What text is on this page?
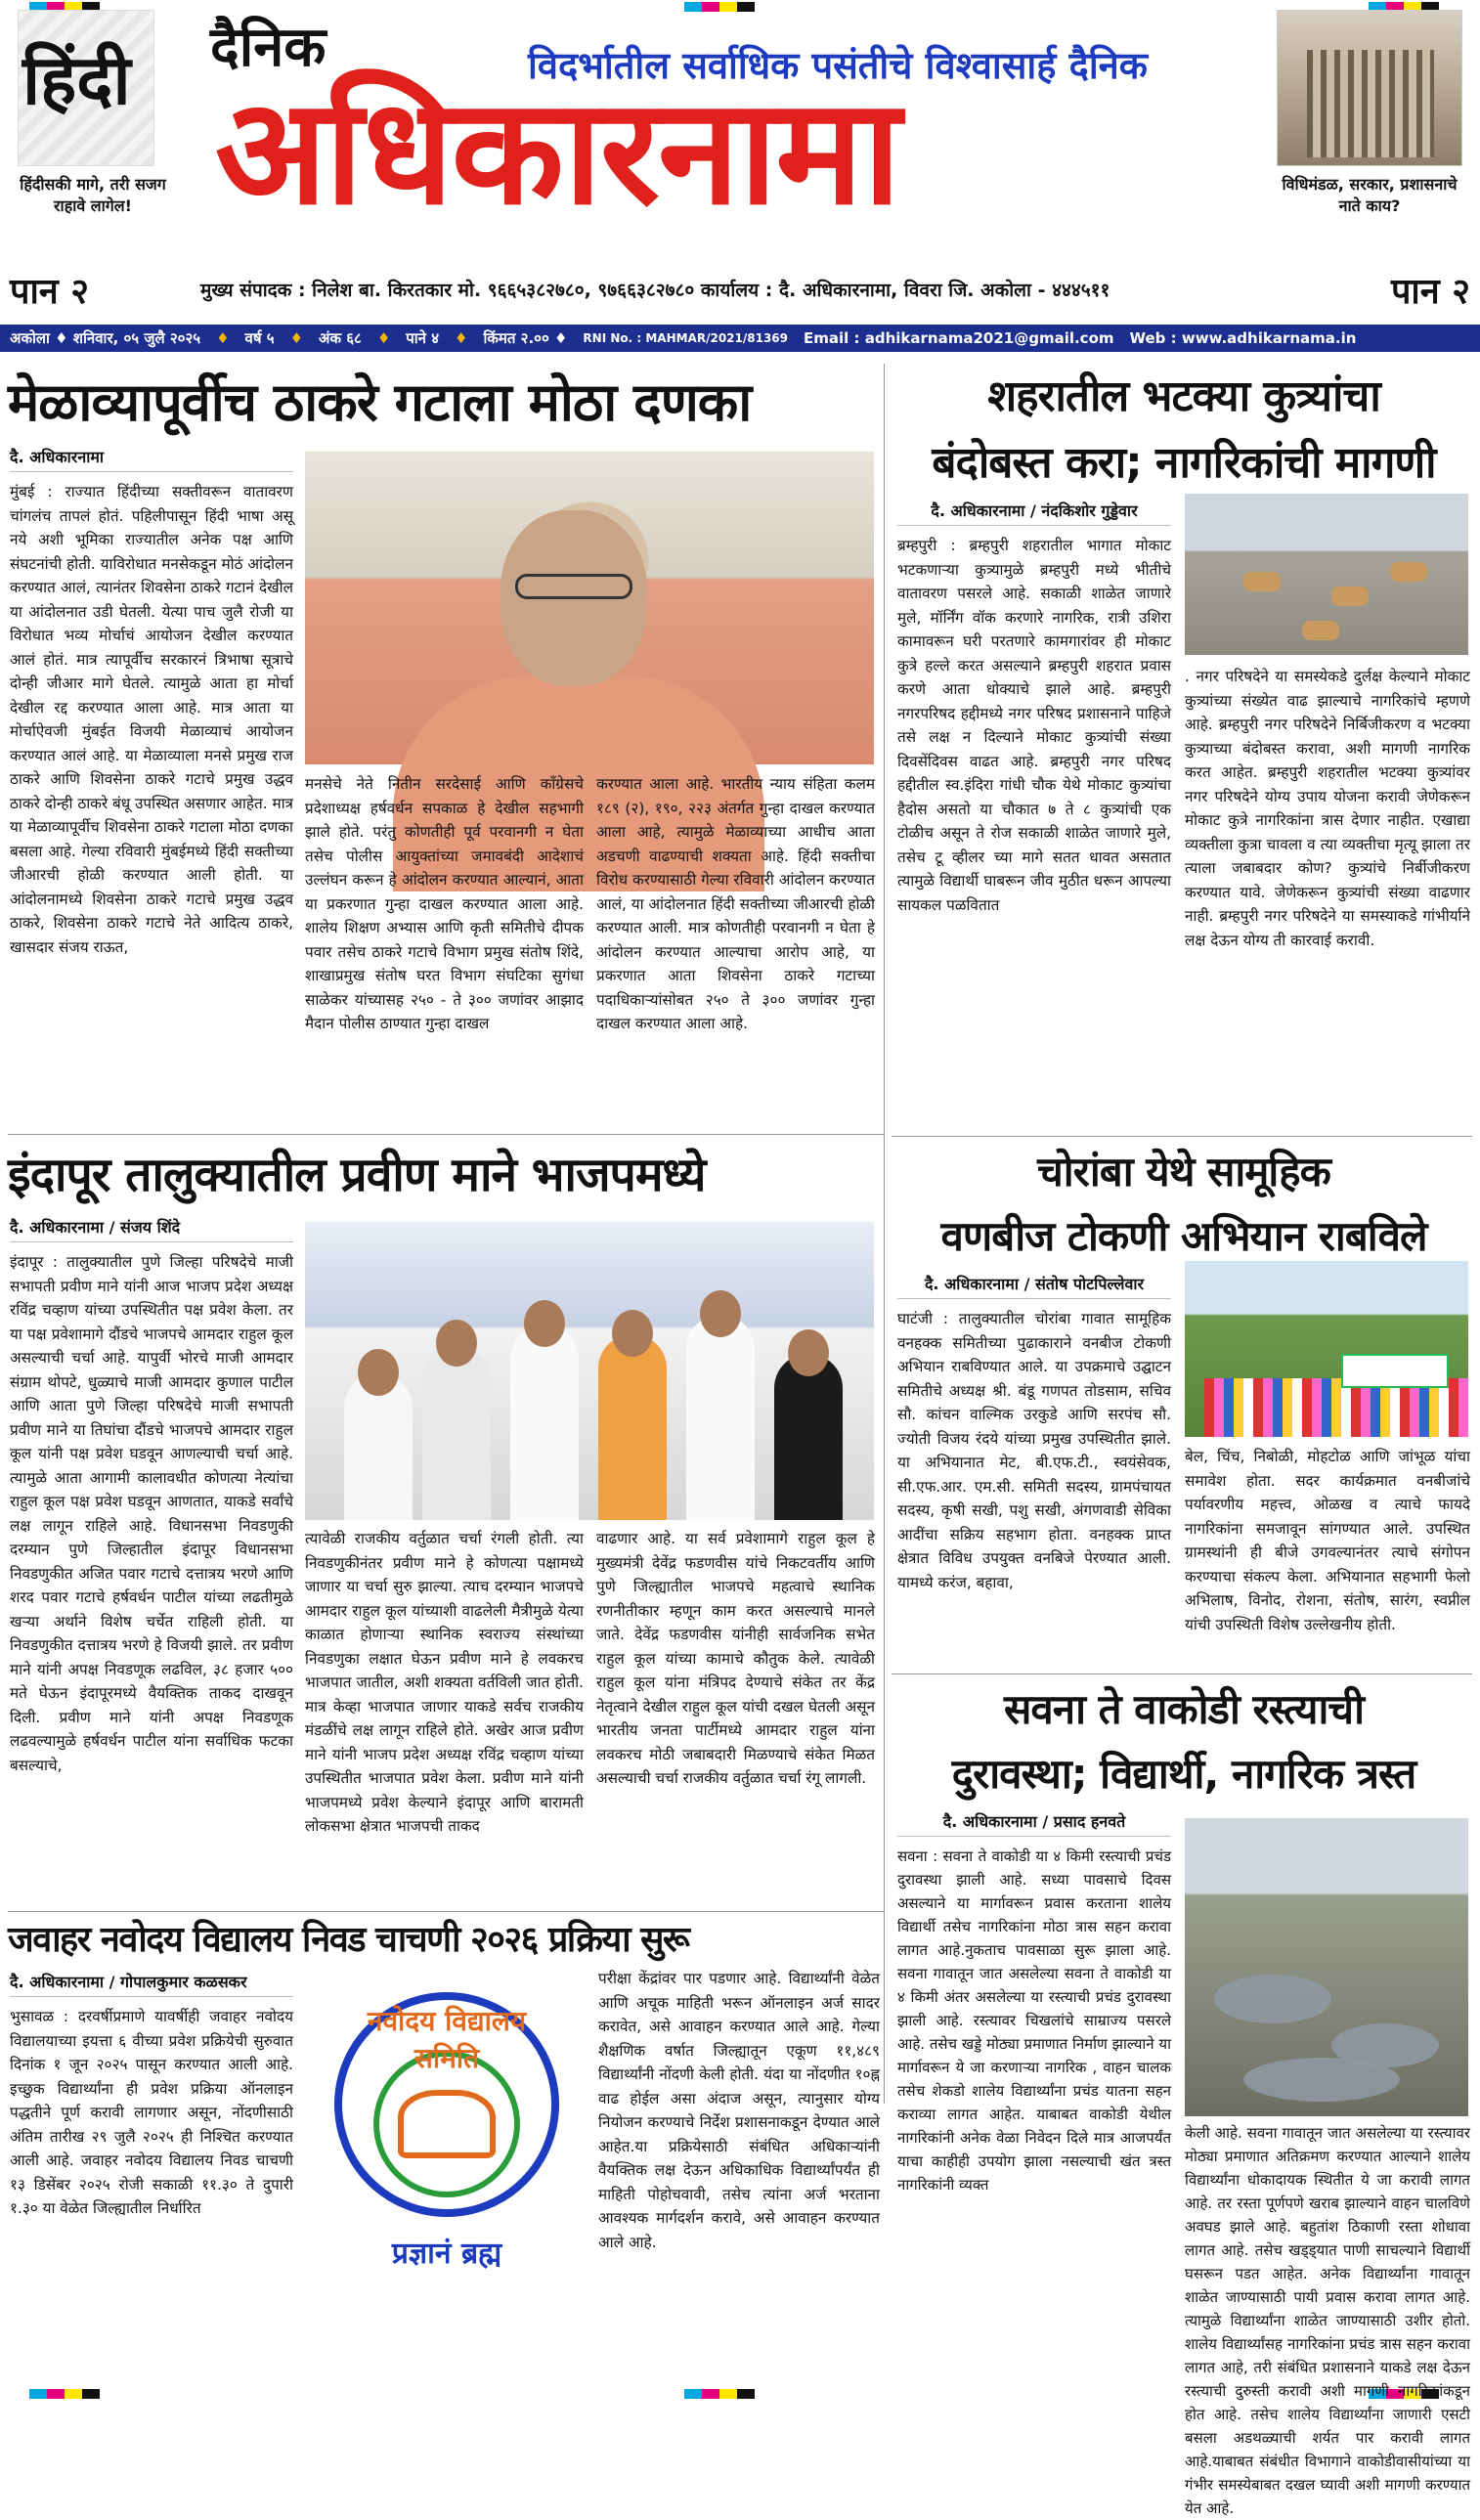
हिंदी
हिंदीसकी मागे, तरी सजग राहावे लागेल!
दैनिक	विदर्भातील सर्वाधिक पसंतीचे विश्वासार्ह दैनिक
अधिकारनामा	विधिमंडळ, सरकार, प्रशासनाचे नाते काय?
पान २	मुख्य संपादक : निलेश बा. किरतकार मो. ९६६५३८२७८०, ९७६६३८२७८० कार्यालय : दै. अधिकारनामा, विवरा जि. अकोला - ४४४५११	पान २
अकोला ♦ शनिवार, ०५ जुलै २०२५ ♦ वर्ष ५ ♦ अंक ६८ ♦ पाने ४ ♦ किंमत २.०० ♦ RNI No. : MAHMAR/2021/81369 Email : adhikarnama2021@gmail.com Web : www.adhikarnama.in
मेळाव्यापूर्वीच ठाकरे गटाला मोठा दणका
दै. अधिकारनामा
मुंबई : राज्यात हिंदीच्या सक्तीवरून वातावरण चांगलंच तापलं होतं. पहिलीपासून हिंदी भाषा असू नये अशी भूमिका राज्यातील अनेक पक्ष आणि संघटनांची होती. याविरोधात मनसेकडून मोठं आंदोलन करण्यात आलं, त्यानंतर शिवसेना ठाकरे गटानं देखील या आंदोलनात उडी घेतली. येत्या पाच जुलै रोजी या विरोधात भव्य मोर्चाचं आयोजन देखील करण्यात आलं होतं. मात्र त्यापूर्वीच सरकारनं त्रिभाषा सूत्राचे दोन्ही जीआर मागे घेतले. त्यामुळे आता हा मोर्चा देखील रद्द करण्यात आला आहे. मात्र आता या मोर्चाऐवजी मुंबईत विजयी मेळाव्याचं आयोजन करण्यात आलं आहे. या मेळाव्याला मनसे प्रमुख राज ठाकरे आणि शिवसेना ठाकरे गटाचे प्रमुख उद्धव ठाकरे दोन्ही ठाकरे बंधू उपस्थित असणार आहेत. मात्र या मेळाव्यापूर्वीच शिवसेना ठाकरे गटाला मोठा दणका बसला आहे. गेल्या रविवारी मुंबईमध्ये हिंदी सक्तीच्या जीआरची होळी करण्यात आली होती. या आंदोलनामध्ये शिवसेना ठाकरे गटाचे प्रमुख उद्धव ठाकरे, शिवसेना ठाकरे गटाचे नेते आदित्य ठाकरे, खासदार संजय राऊत,
मनसेचे नेते नितीन सरदेसाई आणि काँग्रेसचे प्रदेशाध्यक्ष हर्षवर्धन सपकाळ हे देखील सहभागी झाले होते. परंतु कोणतीही पूर्व परवानगी न घेता तसेच पोलीस आयुक्तांच्या जमावबंदी आदेशाचं उल्लंघन करून हे आंदोलन करण्यात आल्यानं, आता या प्रकरणात गुन्हा दाखल करण्यात आला आहे. शालेय शिक्षण अभ्यास आणि कृती समितीचे दीपक पवार तसेच ठाकरे गटाचे विभाग प्रमुख संतोष शिंदे, शाखाप्रमुख संतोष घरत विभाग संघटिका सुगंधा साळेकर यांच्यासह २५० - ते ३०० जणांवर आझाद मैदान पोलीस ठाण्यात गुन्हा दाखल
करण्यात आला आहे. भारतीय न्याय संहिता कलम १८९ (२), १९०, २२३ अंतर्गत गुन्हा दाखल करण्यात आला आहे, त्यामुळे मेळाव्याच्या आधीच आता अडचणी वाढण्याची शक्यता आहे. हिंदी सक्तीचा विरोध करण्यासाठी गेल्या रविवारी आंदोलन करण्यात आलं, या आंदोलनात हिंदी सक्तीच्या जीआरची होळी करण्यात आली. मात्र कोणतीही परवानगी न घेता हे आंदोलन करण्यात आल्याचा आरोप आहे, या प्रकरणात आता शिवसेना ठाकरे गटाच्या पदाधिकाऱ्यांसोबत २५० ते ३०० जणांवर गुन्हा दाखल करण्यात आला आहे.
शहरातील भटक्या कुत्र्यांचा
बंदोबस्त करा; नागरिकांची मागणी
दै. अधिकारनामा / नंदकिशोर गुड्डेवार
ब्रम्हपुरी : ब्रम्हपुरी शहरातील भागात मोकाट भटकणाऱ्या कुत्र्यामुळे ब्रम्हपुरी मध्ये भीतीचे वातावरण पसरले आहे. सकाळी शाळेत जाणारे मुले, मॉर्निंग वॉक करणारे नागरिक, रात्री उशिरा कामावरून घरी परतणारे कामगारांवर ही मोकाट कुत्रे हल्ले करत असल्याने ब्रम्हपुरी शहरात प्रवास करणे आता धोक्याचे झाले आहे. ब्रम्हपुरी नगरपरिषद हद्दीमध्ये नगर परिषद प्रशासनाने पाहिजे तसे लक्ष न दिल्याने मोकाट कुत्र्यांची संख्या दिवसेंदिवस वाढत आहे. ब्रम्हपुरी नगर परिषद हद्दीतील स्व.इंदिरा गांधी चौक येथे मोकाट कुत्र्यांचा हैदोस असतो या चौकात ७ ते ८ कुत्र्यांची एक टोळीच असून ते रोज सकाळी शाळेत जाणारे मुले, तसेच टू व्हीलर च्या मागे सतत धावत असतात त्यामुळे विद्यार्थी घाबरून जीव मुठीत धरून आपल्या सायकल पळवितात
. नगर परिषदेने या समस्येकडे दुर्लक्ष केल्याने मोकाट कुत्र्यांच्या संख्येत वाढ झाल्याचे नागरिकांचे म्हणणे आहे. ब्रम्हपुरी नगर परिषदेने निर्बिजीकरण व भटक्या कुत्र्याच्या बंदोबस्त करावा, अशी मागणी नागरिक करत आहेत. ब्रम्हपुरी शहरातील भटक्या कुत्र्यांवर नगर परिषदेने योग्य उपाय योजना करावी जेणेकरून मोकाट कुत्रे नागरिकांना त्रास देणार नाहीत. एखाद्या व्यक्तीला कुत्रा चावला व त्या व्यक्तीचा मृत्यू झाला तर त्याला जबाबदार कोण? कुत्र्यांचे निर्बीजीकरण करण्यात यावे. जेणेकरून कुत्र्यांची संख्या वाढणार नाही. ब्रम्हपुरी नगर परिषदेने या समस्याकडे गांभीर्याने लक्ष देऊन योग्य ती कारवाई करावी.
इंदापूर तालुक्यातील प्रवीण माने भाजपमध्ये
दै. अधिकारनामा / संजय शिंदे
इंदापूर : तालुक्यातील पुणे जिल्हा परिषदेचे माजी सभापती प्रवीण माने यांनी आज भाजप प्रदेश अध्यक्ष रविंद्र चव्हाण यांच्या उपस्थितीत पक्ष प्रवेश केला. तर या पक्ष प्रवेशामागे दौंडचे भाजपचे आमदार राहुल कूल असल्याची चर्चा आहे. यापुर्वी भोरचे माजी आमदार संग्राम थोपटे, धुळ्याचे माजी आमदार कुणाल पाटील आणि आता पुणे जिल्हा परिषदेचे माजी सभापती प्रवीण माने या तिघांचा दौंडचे भाजपचे आमदार राहुल कूल यांनी पक्ष प्रवेश घडवून आणल्याची चर्चा आहे. त्यामुळे आता आगामी कालावधीत कोणत्या नेत्यांचा राहुल कूल पक्ष प्रवेश घडवून आणतात, याकडे सर्वांचे लक्ष लागून राहिले आहे. विधानसभा निवडणुकी दरम्यान पुणे जिल्हातील इंदापूर विधानसभा निवडणुकीत अजित पवार गटाचे दत्तात्रय भरणे आणि शरद पवार गटाचे हर्षवर्धन पाटील यांच्या लढतीमुळे खऱ्या अर्थाने विशेष चर्चेत राहिली होती. या निवडणुकीत दत्तात्रय भरणे हे विजयी झाले. तर प्रवीण माने यांनी अपक्ष निवडणूक लढविल, ३८ हजार ५०० मते घेऊन इंदापूरमध्ये वैयक्तिक ताकद दाखवून दिली. प्रवीण माने यांनी अपक्ष निवडणूक लढवल्यामुळे हर्षवर्धन पाटील यांना सर्वाधिक फटका बसल्याचे,
त्यावेळी राजकीय वर्तुळात चर्चा रंगली होती. त्या निवडणुकीनंतर प्रवीण माने हे कोणत्या पक्षामध्ये जाणार या चर्चा सुरु झाल्या. त्याच दरम्यान भाजपचे आमदार राहुल कूल यांच्याशी वाढलेली मैत्रीमुळे येत्या काळात होणाऱ्या स्थानिक स्वराज्य संस्थांच्या निवडणुका लक्षात घेऊन प्रवीण माने हे लवकरच भाजपात जातील, अशी शक्यता वर्तविली जात होती. मात्र केव्हा भाजपात जाणार याकडे सर्वच राजकीय मंडळींचे लक्ष लागून राहिले होते. अखेर आज प्रवीण माने यांनी भाजप प्रदेश अध्यक्ष रविंद्र चव्हाण यांच्या उपस्थितीत भाजपात प्रवेश केला. प्रवीण माने यांनी भाजपमध्ये प्रवेश केल्याने इंदापूर आणि बारामती लोकसभा क्षेत्रात भाजपची ताकद
वाढणार आहे. या सर्व प्रवेशामागे राहुल कूल हे मुख्यमंत्री देवेंद्र फडणवीस यांचे निकटवर्तीय आणि पुणे जिल्ह्यातील भाजपचे महत्वाचे स्थानिक रणनीतीकार म्हणून काम करत असल्याचे मानले जाते. देवेंद्र फडणवीस यांनीही सार्वजनिक सभेत राहुल कूल यांच्या कामाचे कौतुक केले. त्यावेळी राहुल कूल यांना मंत्रिपद देण्याचे संकेत तर केंद्र नेतृत्वाने देखील राहुल कूल यांची दखल घेतली असून भारतीय जनता पार्टीमध्ये आमदार राहुल यांना लवकरच मोठी जबाबदारी मिळण्याचे संकेत मिळत असल्याची चर्चा राजकीय वर्तुळात चर्चा रंगू लागली.
चोरांबा येथे सामूहिक
वणबीज टोकणी अभियान राबविले
दै. अधिकारनामा / संतोष पोटपिल्लेवार
घाटंजी : तालुक्यातील चोरांबा गावात सामूहिक वनहक्क समितीच्या पुढाकाराने वनबीज टोकणी अभियान राबविण्यात आले. या उपक्रमाचे उद्घाटन समितीचे अध्यक्ष श्री. बंडू गणपत तोडसाम, सचिव सौ. कांचन वाल्मिक उरकुडे आणि सरपंच सौ. ज्योती विजय रंदये यांच्या प्रमुख उपस्थितीत झाले. या अभियानात मेट, बी.एफ.टी., स्वयंसेवक, सी.एफ.आर. एम.सी. समिती सदस्य, ग्रामपंचायत सदस्य, कृषी सखी, पशु सखी, अंगणवाडी सेविका आदींचा सक्रिय सहभाग होता. वनहक्क प्राप्त क्षेत्रात विविध उपयुक्त वनबिजे पेरण्यात आली. यामध्ये करंज, बहावा,
बेल, चिंच, निबोळी, मोहटोळ आणि जांभूळ यांचा समावेश होता. सदर कार्यक्रमात वनबीजांचे पर्यावरणीय महत्त्व, ओळख व त्याचे फायदे नागरिकांना समजावून सांगण्यात आले. उपस्थित ग्रामस्थांनी ही बीजे उगवल्यानंतर त्याचे संगोपन करण्याचा संकल्प केला. अभियानात सहभागी फेलो अभिलाष, विनोद, रोशना, संतोष, सारंग, स्वप्नील यांची उपस्थिती विशेष उल्लेखनीय होती.
सवना ते वाकोडी रस्त्याची
दुरावस्था; विद्यार्थी, नागरिक त्रस्त
दै. अधिकारनामा / प्रसाद हनवते
सवना : सवना ते वाकोडी या ४ किमी रस्त्याची प्रचंड दुरावस्था झाली आहे. सध्या पावसाचे दिवस असल्याने या मार्गावरून प्रवास करताना शालेय विद्यार्थी तसेच नागरिकांना मोठा त्रास सहन करावा लागत आहे.नुकताच पावसाळा सुरू झाला आहे. सवना गावातून जात असलेल्या सवना ते वाकोडी या ४ किमी अंतर असलेल्या या रस्त्याची प्रचंड दुरावस्था झाली आहे. रस्त्यावर चिखलांचे साम्राज्य पसरले आहे. तसेच खड्डे मोठ्या प्रमाणात निर्माण झाल्याने या मार्गावरून ये जा करणाऱ्या नागरिक , वाहन चालक तसेच शेकडो शालेय विद्यार्थ्यांना प्रचंड यातना सहन कराव्या लागत आहेत. याबाबत वाकोडी येथील नागरिकांनी अनेक वेळा निवेदन दिले मात्र आजपर्यंत याचा काहीही उपयोग झाला नसल्याची खंत त्रस्त नागरिकांनी व्यक्त
केली आहे. सवना गावातून जात असलेल्या या रस्त्यावर मोठ्या प्रमाणात अतिक्रमण करण्यात आल्याने शालेय विद्यार्थ्यांना धोकादायक स्थितीत ये जा करावी लागत आहे. तर रस्ता पूर्णपणे खराब झाल्याने वाहन चालविणे अवघड झाले आहे. बहुतांश ठिकाणी रस्ता शोधावा लागत आहे. तसेच खड्ड्यात पाणी साचल्याने विद्यार्थी घसरून पडत आहेत. अनेक विद्यार्थ्यांना गावातून शाळेत जाण्यासाठी पायी प्रवास करावा लागत आहे. त्यामुळे विद्यार्थ्यांना शाळेत जाण्यासाठी उशीर होतो. शालेय विद्यार्थ्यांसह नागरिकांना प्रचंड त्रास सहन करावा लागत आहे, तरी संबंधित प्रशासनाने याकडे लक्ष देऊन रस्त्याची दुरुस्ती करावी अशी मागणी नागरिकांकडून होत आहे. तसेच शालेय विद्यार्थ्यांना जाणारी एसटी बसला अडथळ्याची शर्यत पार करावी लागत आहे.याबाबत संबंधीत विभागाने वाकोडीवासीयांच्या या गंभीर समस्येबाबत दखल घ्यावी अशी मागणी करण्यात येत आहे.
जवाहर नवोदय विद्यालय निवड चाचणी २०२६ प्रक्रिया सुरू
दै. अधिकारनामा / गोपालकुमार कळसकर
भुसावळ : दरवर्षीप्रमाणे यावर्षीही जवाहर नवोदय विद्यालयाच्या इयत्ता ६ वीच्या प्रवेश प्रक्रियेची सुरुवात दिनांक १ जून २०२५ पासून करण्यात आली आहे. इच्छुक विद्यार्थ्यांना ही प्रवेश प्रक्रिया ऑनलाइन पद्धतीने पूर्ण करावी लागणार असून, नोंदणीसाठी अंतिम तारीख २९ जुलै २०२५ ही निश्चित करण्यात आली आहे. जवाहर नवोदय विद्यालय निवड चाचणी १३ डिसेंबर २०२५ रोजी सकाळी ११.३० ते दुपारी १.३० या वेळेत जिल्ह्यातील निर्धारित
नवोदय विद्यालय समिति
प्रज्ञानं ब्रह्म
परीक्षा केंद्रांवर पार पडणार आहे. विद्यार्थ्यांनी वेळेत आणि अचूक माहिती भरून ऑनलाइन अर्ज सादर करावेत, असे आवाहन करण्यात आले आहे. गेल्या शैक्षणिक वर्षात जिल्ह्यातून एकूण ११,४८९ विद्यार्थ्यांनी नोंदणी केली होती. यंदा या नोंदणीत १०ह्न वाढ होईल असा अंदाज असून, त्यानुसार योग्य नियोजन करण्याचे निर्देश प्रशासनाकडून देण्यात आले आहेत.या प्रक्रियेसाठी संबंधित अधिकाऱ्यांनी वैयक्तिक लक्ष देऊन अधिकाधिक विद्यार्थ्यांपर्यंत ही माहिती पोहोचवावी, तसेच त्यांना अर्ज भरताना आवश्यक मार्गदर्शन करावे, असे आवाहन करण्यात आले आहे.
